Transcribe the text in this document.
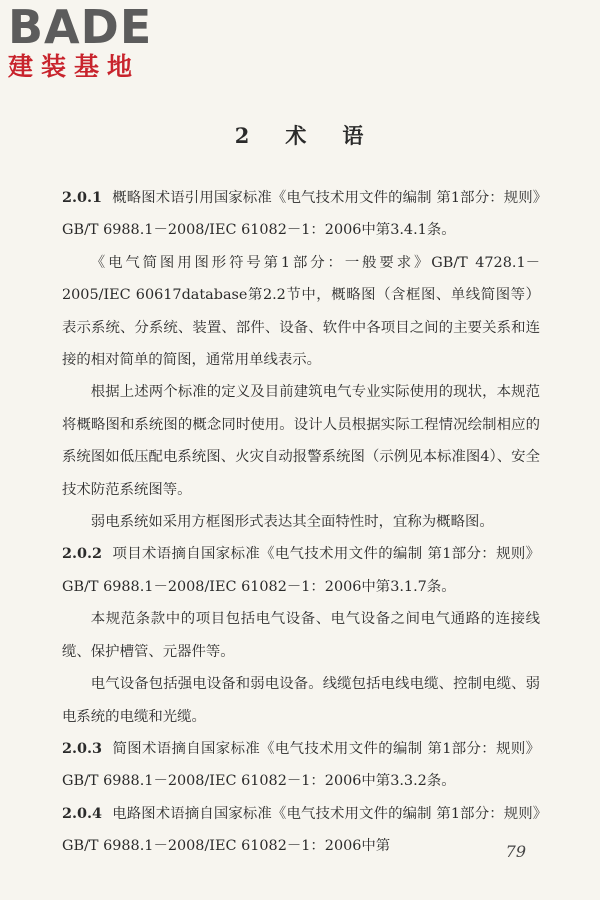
BADE
建装基地
2 术 语

2.0.1 概略图术语引用国家标准《电气技术用文件的编制 第1部分：规则》GB/T 6988.1－2008/IEC 61082－1：2006中第3.4.1条。

《电气简图用图形符号第1部分：一般要求》GB/T 4728.1－2005/IEC 60617database第2.2节中，概略图（含框图、单线简图等）表示系统、分系统、装置、部件、设备、软件中各项目之间的主要关系和连接的相对简单的简图，通常用单线表示。

根据上述两个标准的定义及目前建筑电气专业实际使用的现状，本规范将概略图和系统图的概念同时使用。设计人员根据实际工程情况绘制相应的系统图如低压配电系统图、火灾自动报警系统图（示例见本标准图4）、安全技术防范系统图等。

弱电系统如采用方框图形式表达其全面特性时，宜称为概略图。

2.0.2 项目术语摘自国家标准《电气技术用文件的编制 第1部分：规则》GB/T 6988.1－2008/IEC 61082－1：2006中第3.1.7条。

本规范条款中的项目包括电气设备、电气设备之间电气通路的连接线缆、保护槽管、元器件等。

电气设备包括强电设备和弱电设备。线缆包括电线电缆、控制电缆、弱电系统的电缆和光缆。

2.0.3 简图术语摘自国家标准《电气技术用文件的编制 第1部分：规则》GB/T 6988.1－2008/IEC 61082－1：2006中第3.3.2条。

2.0.4 电路图术语摘自国家标准《电气技术用文件的编制 第1部分：规则》GB/T 6988.1－2008/IEC 61082－1：2006中第	79
